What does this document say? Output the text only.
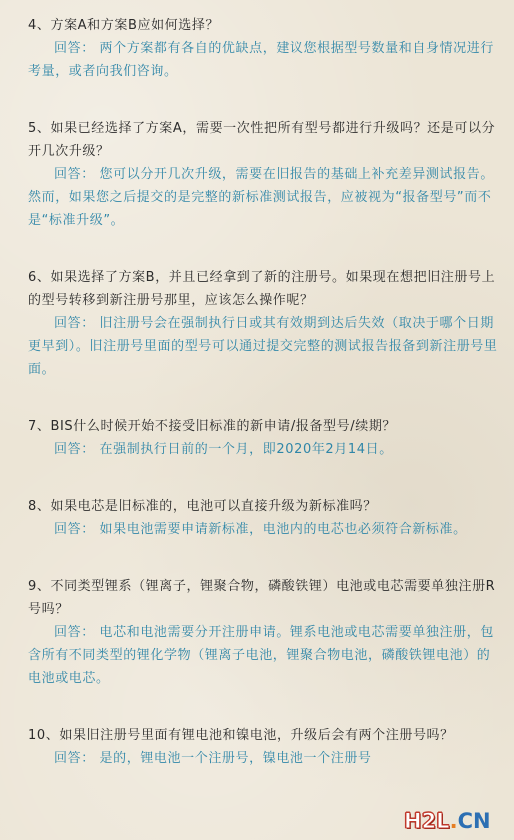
4、方案A和方案B应如何选择？

回答： 两个方案都有各自的优缺点，建议您根据型号数量和自身情况进行考量，或者向我们咨询。

5、如果已经选择了方案A，需要一次性把所有型号都进行升级吗？还是可以分开几次升级？

回答： 您可以分开几次升级，需要在旧报告的基础上补充差异测试报告。然而，如果您之后提交的是完整的新标准测试报告，应被视为“报备型号”而不是“标准升级”。

6、如果选择了方案B，并且已经拿到了新的注册号。如果现在想把旧注册号上的型号转移到新注册号那里，应该怎么操作呢？

回答： 旧注册号会在强制执行日或其有效期到达后失效（取决于哪个日期更早到）。旧注册号里面的型号可以通过提交完整的测试报告报备到新注册号里面。

7、BIS什么时候开始不接受旧标准的新申请/报备型号/续期？

回答： 在强制执行日前的一个月，即2020年2月14日。

8、如果电芯是旧标准的，电池可以直接升级为新标准吗？

回答： 如果电池需要申请新标准，电池内的电芯也必须符合新标准。

9、不同类型锂系（锂离子，锂聚合物，磷酸铁锂）电池或电芯需要单独注册R号吗？

回答： 电芯和电池需要分开注册申请。锂系电池或电芯需要单独注册，包含所有不同类型的锂化学物（锂离子电池，锂聚合物电池，磷酸铁锂电池）的电池或电芯。

10、如果旧注册号里面有锂电池和镍电池，升级后会有两个注册号吗？

回答： 是的，锂电池一个注册号，镍电池一个注册号

H2L.CN
